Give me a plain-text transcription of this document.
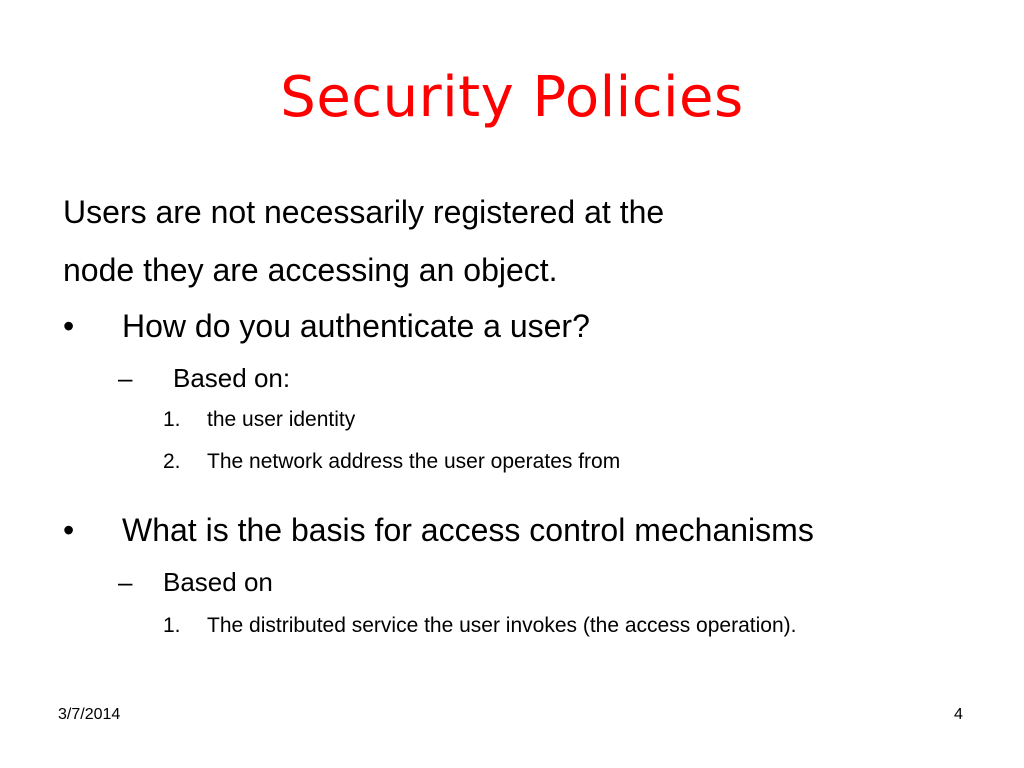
Security Policies
Users are not necessarily registered at the
node they are accessing an object.
• How do you authenticate a user?
– Based on:
1. the user identity
2. The network address the user operates from
• What is the basis for access control mechanisms
– Based on
1. The distributed service the user invokes (the access operation).
3/7/2014	4
